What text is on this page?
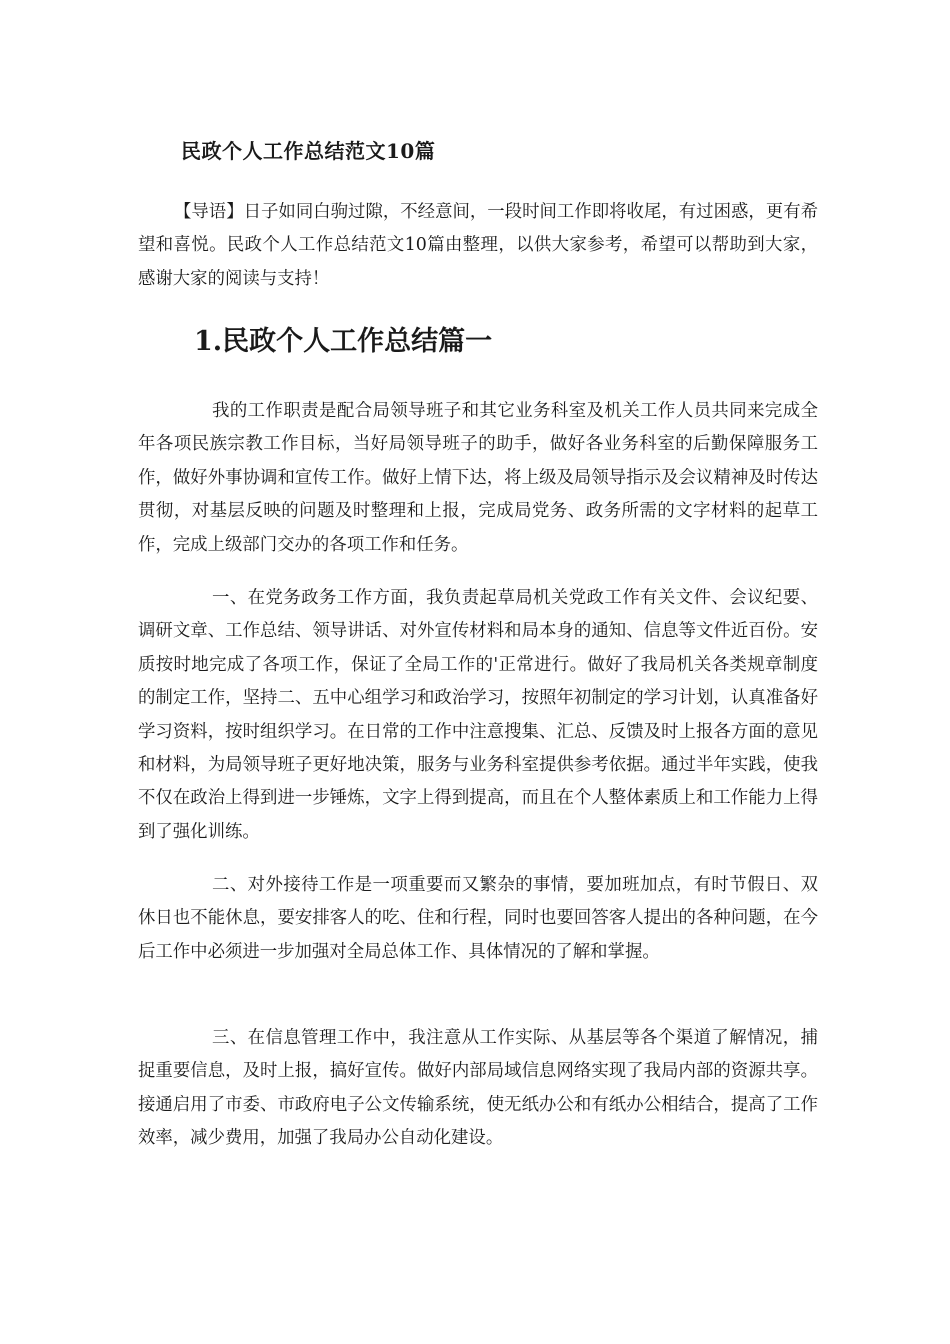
民政个人工作总结范文10篇

【导语】日子如同白驹过隙，不经意间，一段时间工作即将收尾，有过困惑，更有希望和喜悦。民政个人工作总结范文10篇由整理，以供大家参考，希望可以帮助到大家，感谢大家的阅读与支持！

1.民政个人工作总结篇一

我的工作职责是配合局领导班子和其它业务科室及机关工作人员共同来完成全年各项民族宗教工作目标，当好局领导班子的助手，做好各业务科室的后勤保障服务工作，做好外事协调和宣传工作。做好上情下达，将上级及局领导指示及会议精神及时传达贯彻，对基层反映的问题及时整理和上报，完成局党务、政务所需的文字材料的起草工作，完成上级部门交办的各项工作和任务。

一、在党务政务工作方面，我负责起草局机关党政工作有关文件、会议纪要、调研文章、工作总结、领导讲话、对外宣传材料和局本身的通知、信息等文件近百份。安质按时地完成了各项工作，保证了全局工作的'正常进行。做好了我局机关各类规章制度的制定工作，坚持二、五中心组学习和政治学习，按照年初制定的学习计划，认真准备好学习资料，按时组织学习。在日常的工作中注意搜集、汇总、反馈及时上报各方面的意见和材料，为局领导班子更好地决策，服务与业务科室提供参考依据。通过半年实践，使我不仅在政治上得到进一步锤炼，文字上得到提高，而且在个人整体素质上和工作能力上得到了强化训练。

二、对外接待工作是一项重要而又繁杂的事情，要加班加点，有时节假日、双休日也不能休息，要安排客人的吃、住和行程，同时也要回答客人提出的各种问题，在今后工作中必须进一步加强对全局总体工作、具体情况的了解和掌握。

三、在信息管理工作中，我注意从工作实际、从基层等各个渠道了解情况，捕捉重要信息，及时上报，搞好宣传。做好内部局域信息网络实现了我局内部的资源共享。接通启用了市委、市政府电子公文传输系统，使无纸办公和有纸办公相结合，提高了工作效率，减少费用，加强了我局办公自动化建设。
